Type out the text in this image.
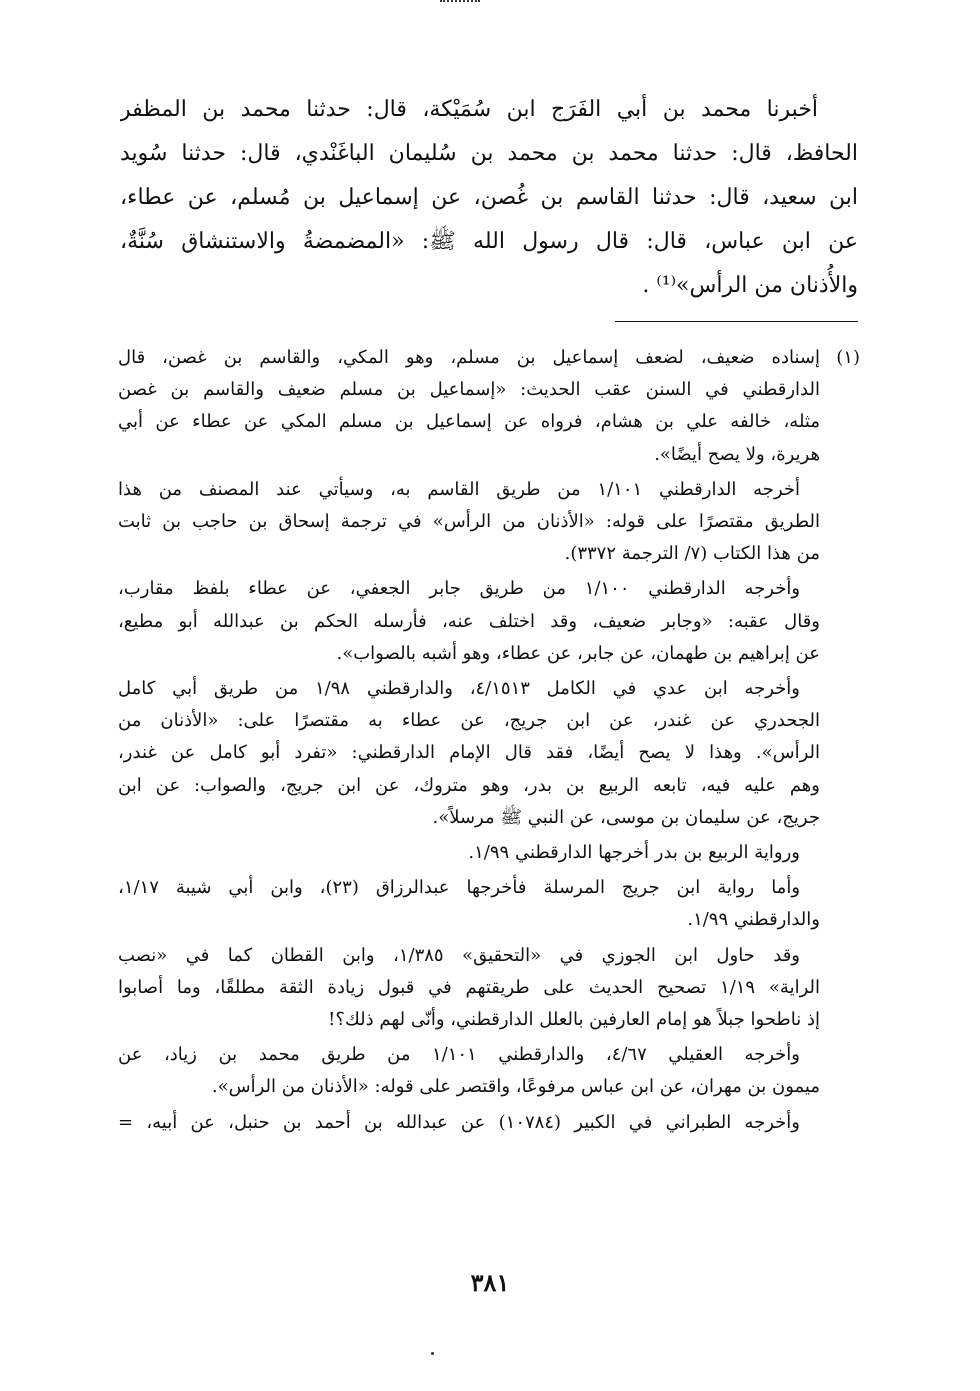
أخبرنا محمد بن أبي الفَرَج ابن سُمَيْكة، قال: حدثنا محمد بن المظفر
الحافظ، قال: حدثنا محمد بن محمد بن سُليمان الباغَنْدي، قال: حدثنا سُويد
ابن سعيد، قال: حدثنا القاسم بن غُصن، عن إسماعيل بن مُسلم، عن عطاء،
عن ابن عباس، قال: قال رسول الله ﷺ: «المضمضةُ والاستنشاق سُنَّةٌ،
والأُذنان من الرأس»⁽¹⁾ .
(١)إسناده ضعيف، لضعف إسماعيل بن مسلم، وهو المكي، والقاسم بن غصن، قال
الدارقطني في السنن عقب الحديث: «إسماعيل بن مسلم ضعيف والقاسم بن غصن
مثله، خالفه علي بن هشام، فرواه عن إسماعيل بن مسلم المكي عن عطاء عن أبي
هريرة، ولا يصح أيضًا».
أخرجه الدارقطني ١/١٠١ من طريق القاسم به، وسيأتي عند المصنف من هذا
الطريق مقتصرًا على قوله: «الأذنان من الرأس» في ترجمة إسحاق بن حاجب بن ثابت
من هذا الكتاب (٧/ الترجمة ٣٣٧٢).
وأخرجه الدارقطني ١/١٠٠ من طريق جابر الجعفي، عن عطاء بلفظ مقارب،
وقال عقبه: «وجابر ضعيف، وقد اختلف عنه، فأرسله الحكم بن عبدالله أبو مطيع،
عن إبراهيم بن طهمان، عن جابر، عن عطاء، وهو أشبه بالصواب».
وأخرجه ابن عدي في الكامل ٤/١٥١٣، والدارقطني ١/٩٨ من طريق أبي كامل
الجحدري عن غندر، عن ابن جريج، عن عطاء به مقتصرًا على: «الأذنان من
الرأس». وهذا لا يصح أيضًا، فقد قال الإمام الدارقطني: «تفرد أبو كامل عن غندر،
وهم عليه فيه، تابعه الربيع بن بدر، وهو متروك، عن ابن جريج، والصواب: عن ابن
جريج، عن سليمان بن موسى، عن النبي ﷺ مرسلاً».
ورواية الربيع بن بدر أخرجها الدارقطني ١/٩٩.
وأما رواية ابن جريج المرسلة فأخرجها عبدالرزاق (٢٣)، وابن أبي شيبة ١/١٧،
والدارقطني ١/٩٩.
وقد حاول ابن الجوزي في «التحقيق» ١/٣٨٥، وابن القطان كما في «نصب
الراية» ١/١٩ تصحيح الحديث على طريقتهم في قبول زيادة الثقة مطلقًا، وما أصابوا
إذ ناطحوا جبلاً هو إمام العارفين بالعلل الدارقطني، وأنّى لهم ذلك؟!
وأخرجه العقيلي ٤/٦٧، والدارقطني ١/١٠١ من طريق محمد بن زياد، عن
ميمون بن مهران، عن ابن عباس مرفوعًا، واقتصر على قوله: «الأذنان من الرأس».
وأخرجه الطبراني في الكبير (١٠٧٨٤) عن عبدالله بن أحمد بن حنبل، عن أبيه، =
٣٨١
